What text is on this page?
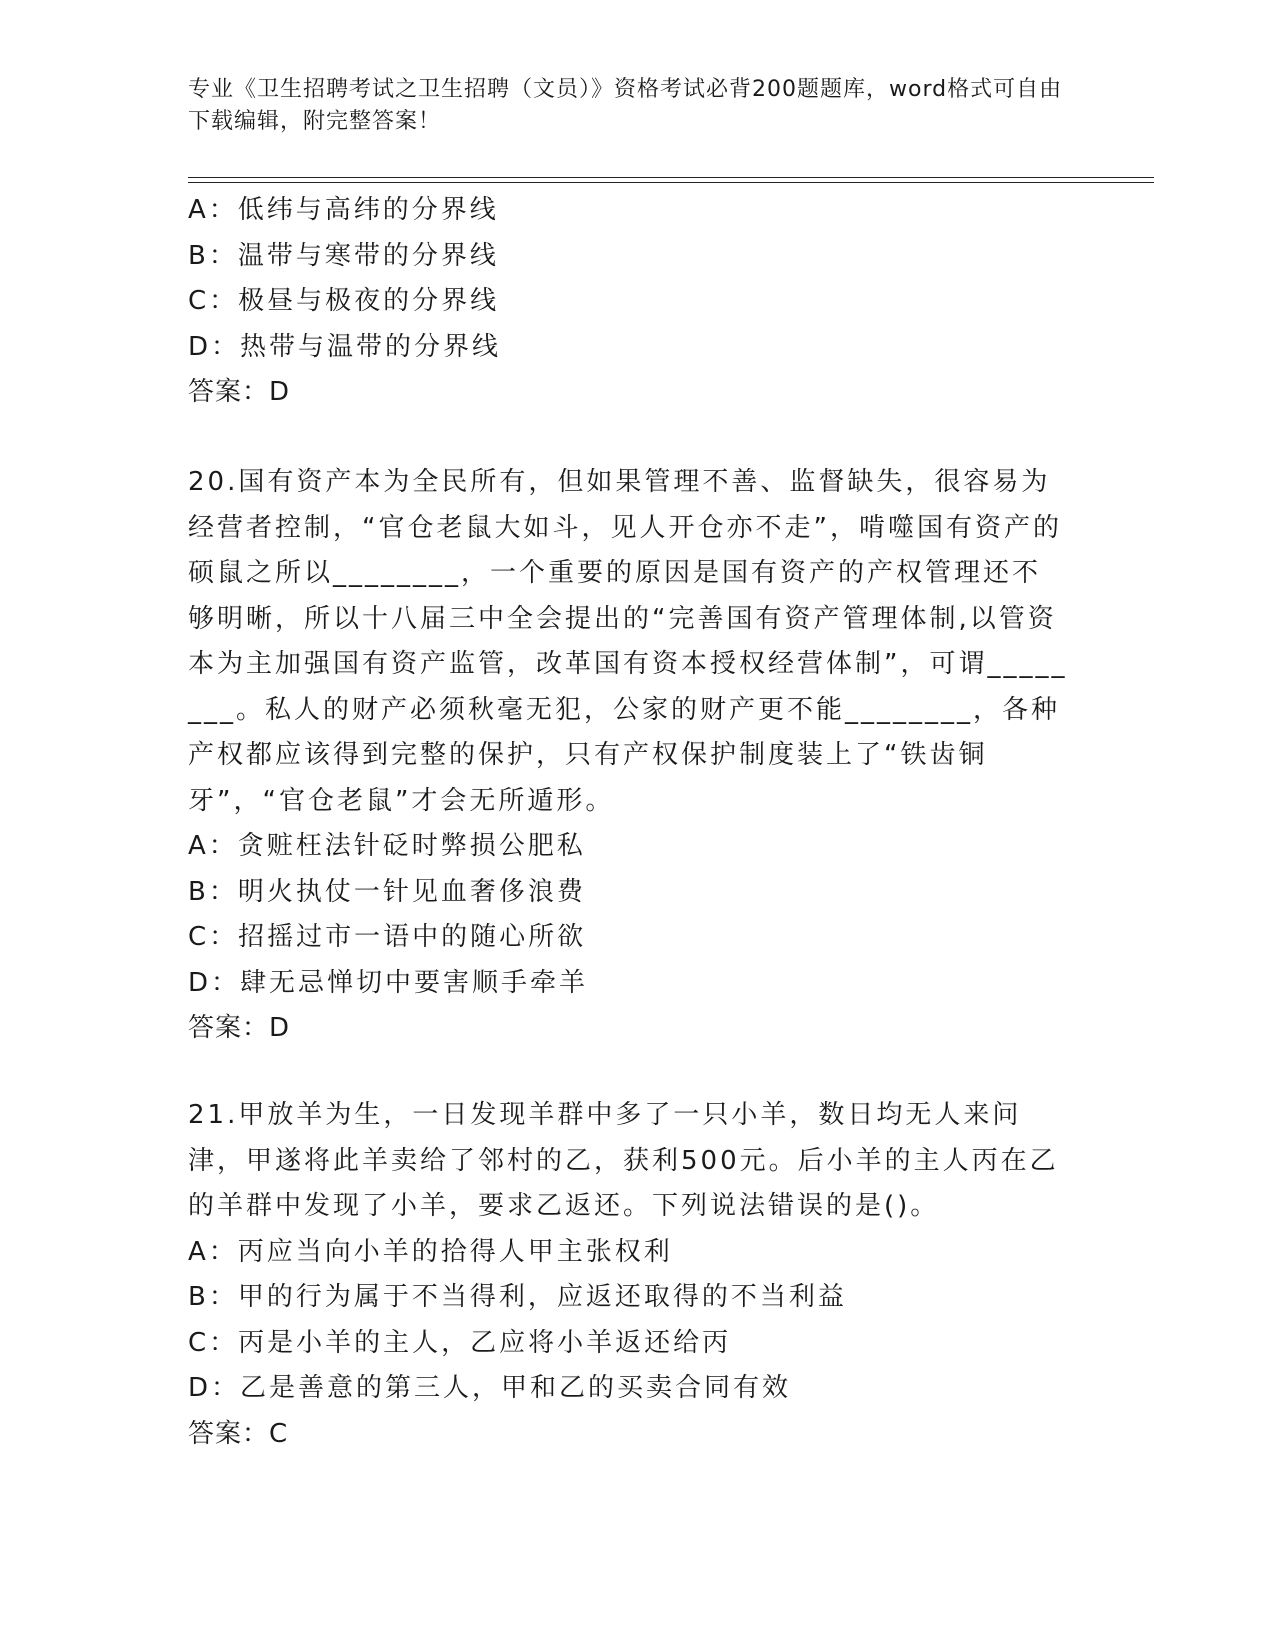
专业《卫生招聘考试之卫生招聘（文员）》资格考试必背200题题库，word格式可自由下载编辑，附完整答案！
A：低纬与高纬的分界线
B：温带与寒带的分界线
C：极昼与极夜的分界线
D：热带与温带的分界线
答案：D
20.国有资产本为全民所有，但如果管理不善、监督缺失，很容易为经营者控制，“官仓老鼠大如斗，见人开仓亦不走”，啃噬国有资产的硕鼠之所以________，一个重要的原因是国有资产的产权管理还不够明晰，所以十八届三中全会提出的“完善国有资产管理体制,以管资本为主加强国有资产监管，改革国有资本授权经营体制”，可谓________。私人的财产必须秋毫无犯，公家的财产更不能________，各种产权都应该得到完整的保护，只有产权保护制度装上了“铁齿铜牙”，“官仓老鼠”才会无所遁形。
A：贪赃枉法针砭时弊损公肥私
B：明火执仗一针见血奢侈浪费
C：招摇过市一语中的随心所欲
D：肆无忌惮切中要害顺手牵羊
答案：D
21.甲放羊为生，一日发现羊群中多了一只小羊，数日均无人来问津，甲遂将此羊卖给了邻村的乙，获利500元。后小羊的主人丙在乙的羊群中发现了小羊，要求乙返还。下列说法错误的是()。
A：丙应当向小羊的拾得人甲主张权利
B：甲的行为属于不当得利，应返还取得的不当利益
C：丙是小羊的主人，乙应将小羊返还给丙
D：乙是善意的第三人，甲和乙的买卖合同有效
答案：C
